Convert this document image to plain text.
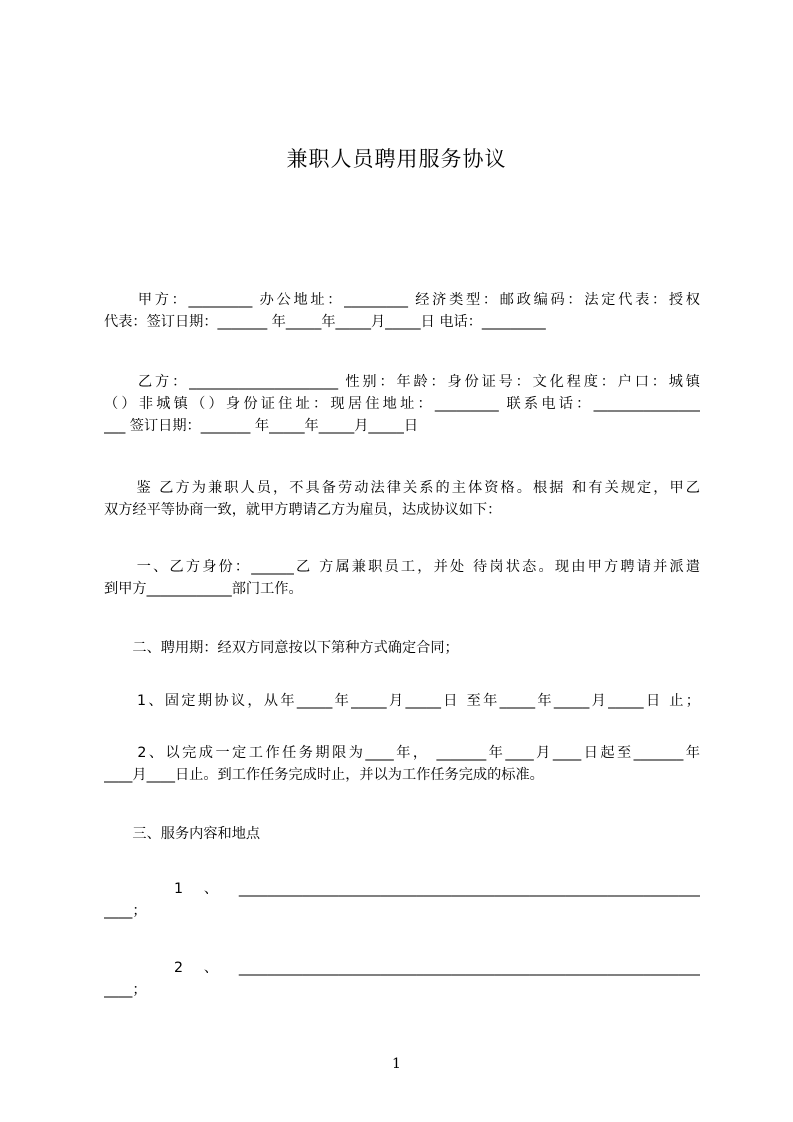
兼职人员聘用服务协议
　　甲方：_________ 办公地址：_________ 经济类型：邮政编码：法定代表：授权
代表：签订日期：_______ 年_____年_____月_____日 电话：_________
　　乙方：_____________________ 性别：年龄：身份证号：文化程度：户口：城镇
（）非城镇（）身份证住址：现居住地址：_________ 联系电话：_______________
___ 签订日期：_______ 年_____年_____月_____日
　　鉴 乙方为兼职人员，不具备劳动法律关系的主体资格。根据 和有关规定，甲乙
双方经平等协商一致，就甲方聘请乙方为雇员，达成协议如下：
　　一、乙方身份：______乙 方属兼职员工，并处 待岗状态。现由甲方聘请并派遣
到甲方____________部门工作。
　　二、聘用期：经双方同意按以下第种方式确定合同；
　　1、固定期协议，从年_____年_____月_____日 至年_____年_____月_____日 止；
　　2、以完成一定工作任务期限为____年， _______年____月____日起至_______年
____月____日止。到工作任务完成时止，并以为工作任务完成的标准。
　　三、服务内容和地点
　　1、_________________________________________________________________
____；
　　2、_________________________________________________________________
____；
1
